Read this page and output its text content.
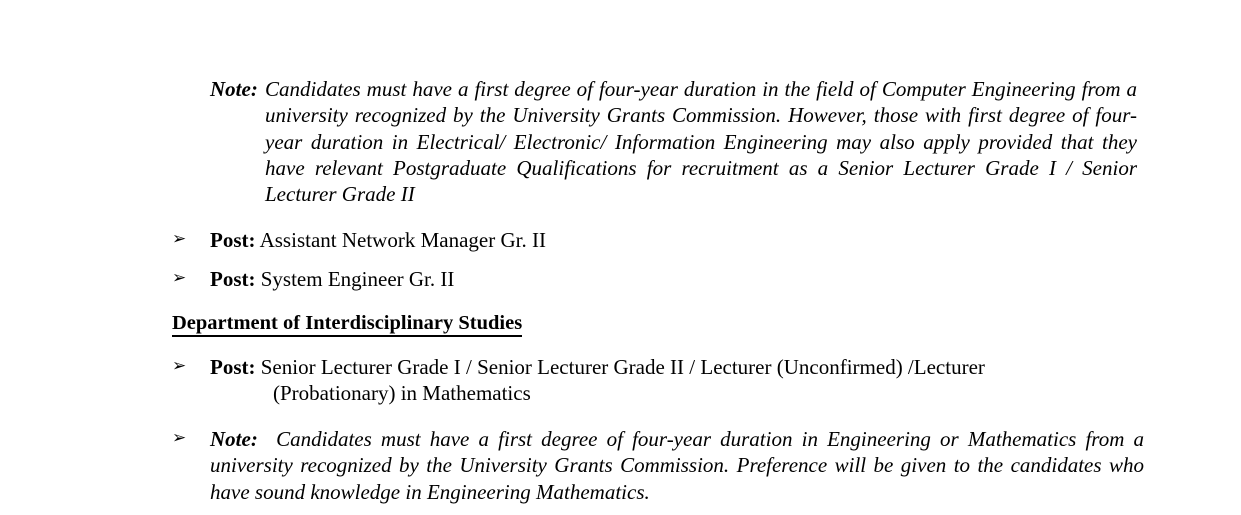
Note: Candidates must have a first degree of four-year duration in the field of Computer Engineering from a university recognized by the University Grants Commission. However, those with first degree of four-year duration in Electrical/ Electronic/ Information Engineering may also apply provided that they have relevant Postgraduate Qualifications for recruitment as a Senior Lecturer Grade I / Senior Lecturer Grade II
➢ Post: Assistant Network Manager Gr. II
➢ Post: System Engineer Gr. II
Department of Interdisciplinary Studies
➢ Post: Senior Lecturer Grade I / Senior Lecturer Grade II / Lecturer (Unconfirmed) /Lecturer
(Probationary) in Mathematics
➢ Note: Candidates must have a first degree of four-year duration in Engineering or Mathematics from a university recognized by the University Grants Commission. Preference will be given to the candidates who have sound knowledge in Engineering Mathematics.
